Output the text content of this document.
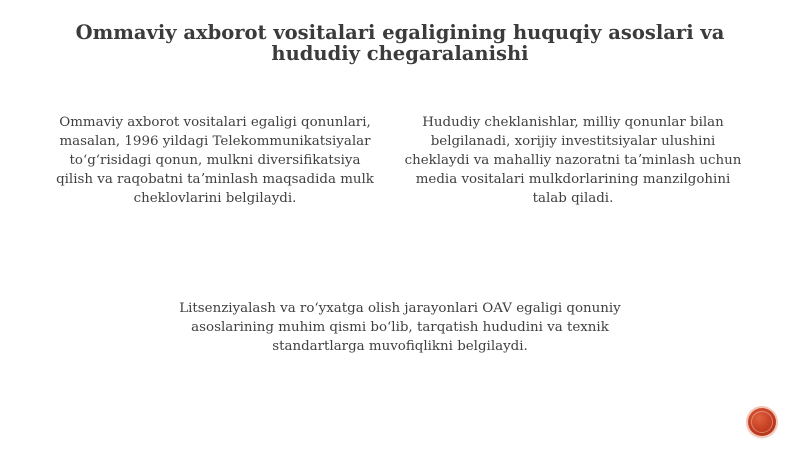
Ommaviy axborot vositalari egaligining huquqiy asoslari va hududiy chegaralanishi
Ommaviy axborot vositalari egaligi qonunlari, masalan, 1996 yildagi Telekommunikatsiyalar toʻgʻrisidagi qonun, mulkni diversifikatsiya qilish va raqobatni taʼminlash maqsadida mulk cheklovlarini belgilaydi.
Hududiy cheklanishlar, milliy qonunlar bilan belgilanadi, xorijiy investitsiyalar ulushini cheklaydi va mahalliy nazoratni taʼminlash uchun media vositalari mulkdorlarining manzilgohini talab qiladi.
Litsenziyalash va roʻyxatga olish jarayonlari OAV egaligi qonuniy asoslarining muhim qismi boʻlib, tarqatish hududini va texnik standartlarga muvofiqlikni belgilaydi.
